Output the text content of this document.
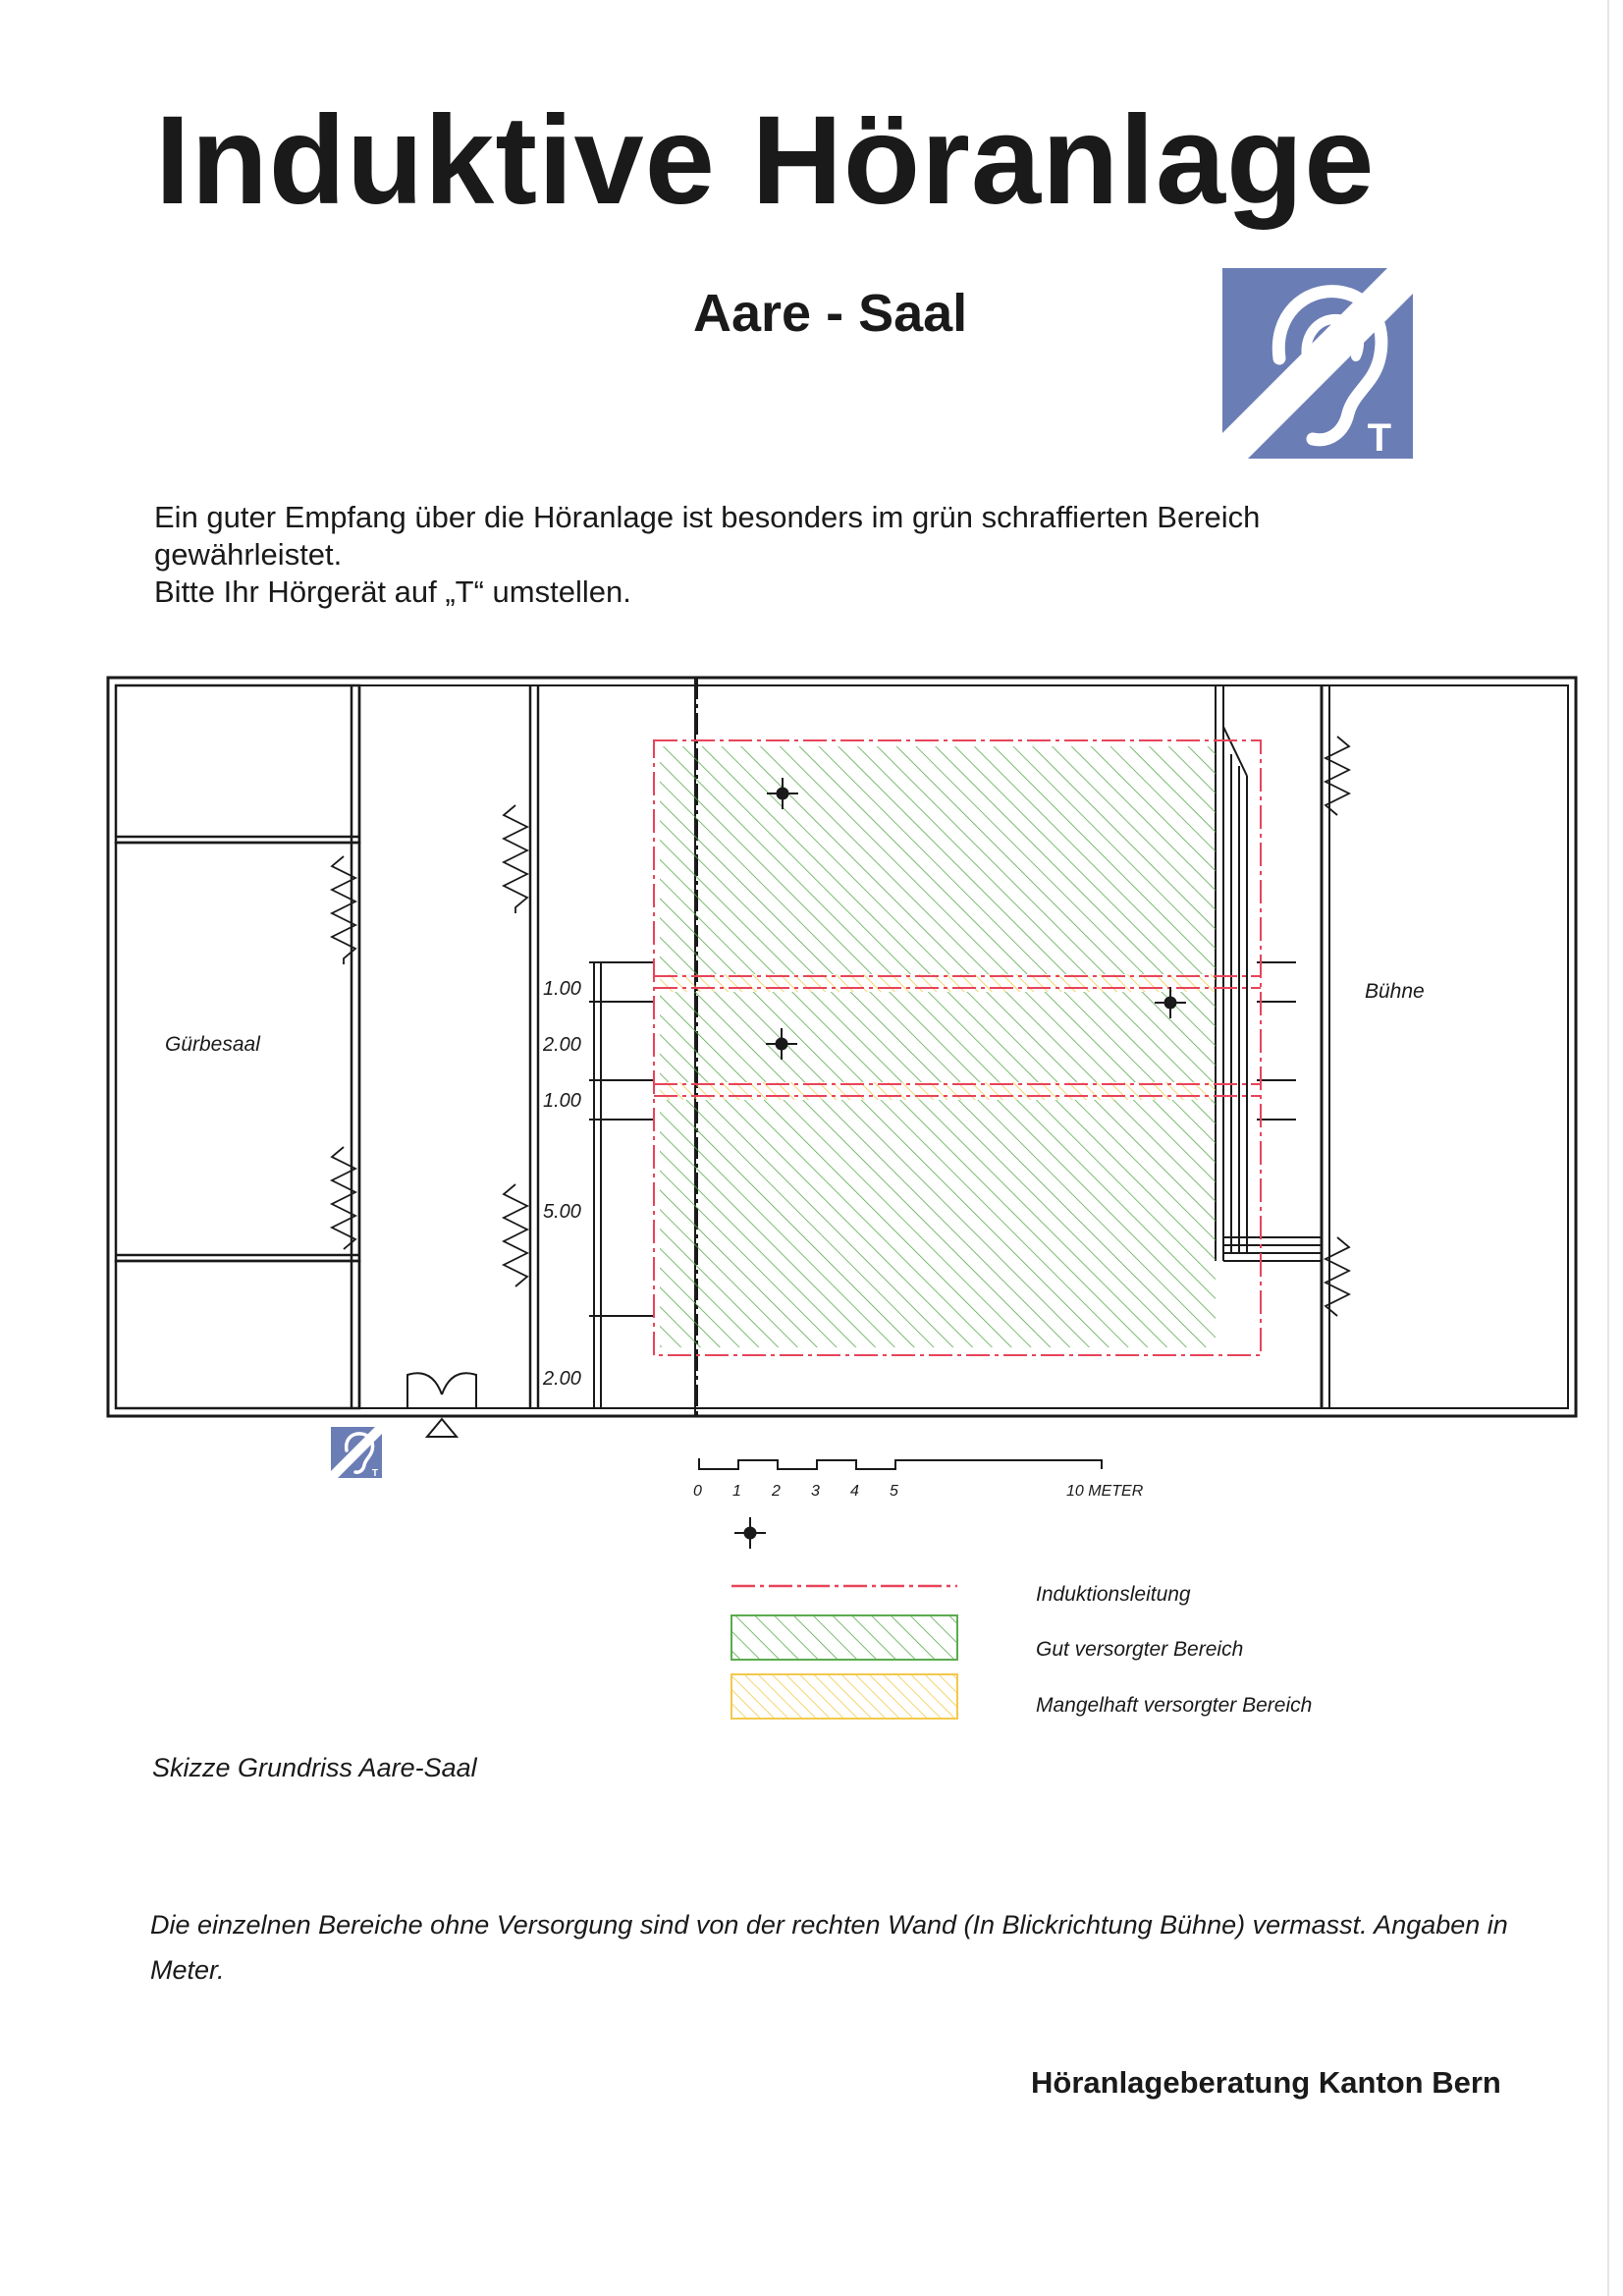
Induktive Höranlage
Aare - Saal
T

Ein guter Empfang über die Höranlage ist besonders im grün schraffierten Bereich

gewährleistet.

Bitte Ihr Hörgerät auf „T“ umstellen.

1.00
2.00
1.00
5.00
2.00
Gürbesaal
Bühne
T
0 1 2 3 4 5	10 METER
Induktionsleitung
Gut versorgter Bereich
Mangelhaft versorgter Bereich

Skizze Grundriss Aare-Saal

Die einzelnen Bereiche ohne Versorgung sind von der rechten Wand (In Blickrichtung Bühne) vermasst. Angaben in Meter.

Höranlageberatung Kanton Bern
